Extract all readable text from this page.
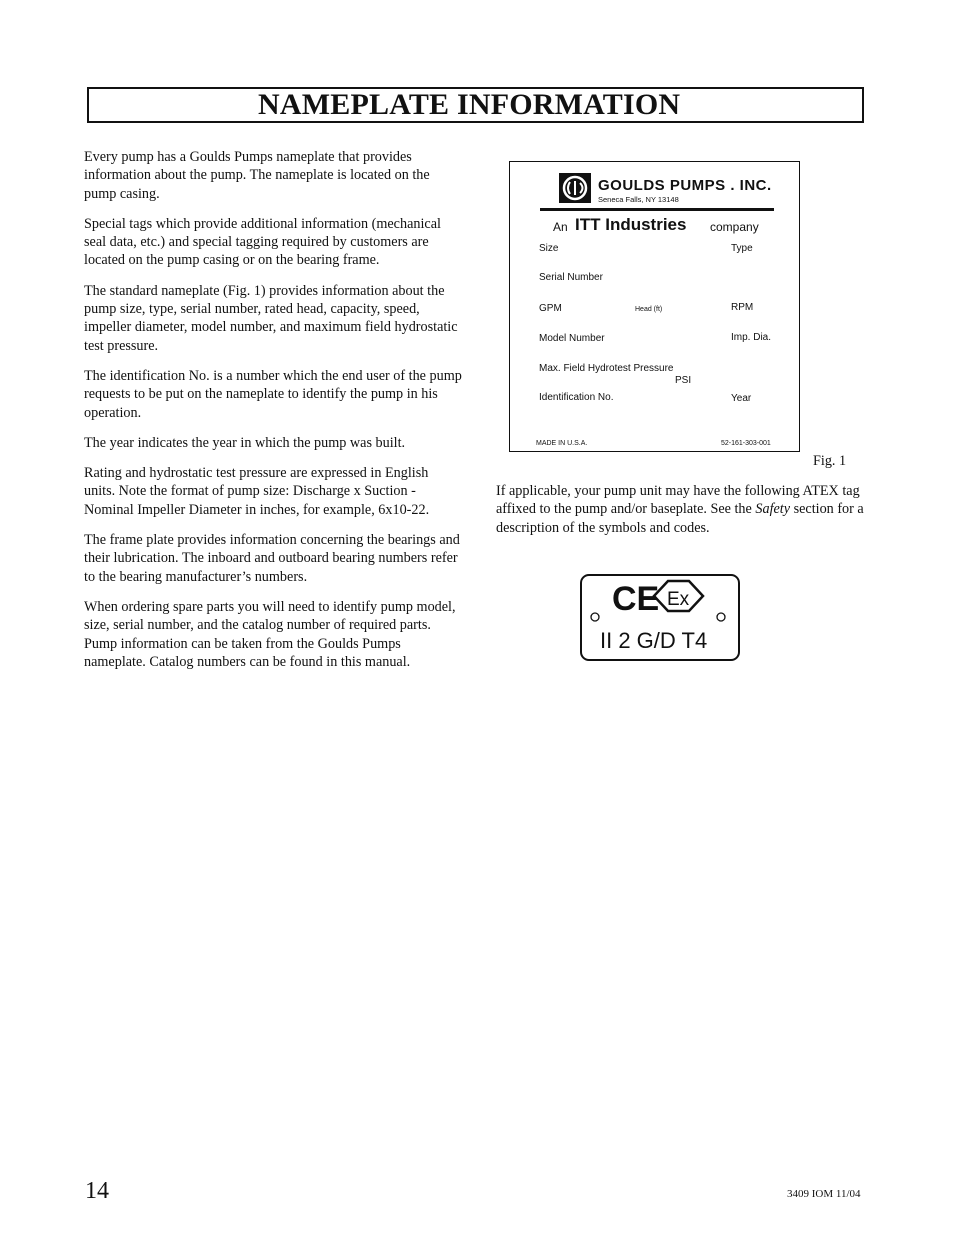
NAMEPLATE INFORMATION

Every pump has a Goulds Pumps nameplate that provides information about the pump. The nameplate is located on the pump casing.

Special tags which provide additional information (mechanical seal data, etc.) and special tagging required by customers are located on the pump casing or on the bearing frame.

The standard nameplate (Fig. 1) provides information about the pump size, type, serial number, rated head, capacity, speed, impeller diameter, model number, and maximum field hydrostatic test pressure.

The identification No. is a number which the end user of the pump requests to be put on the nameplate to identify the pump in his operation.

The year indicates the year in which the pump was built.

Rating and hydrostatic test pressure are expressed in English units. Note the format of pump size: Discharge x Suction - Nominal Impeller Diameter in inches, for example, 6x10-22.

The frame plate provides information concerning the bearings and their lubrication. The inboard and outboard bearing numbers refer to the bearing manufacturer’s numbers.

When ordering spare parts you will need to identify pump model, size, serial number, and the catalog number of required parts. Pump information can be taken from the Goulds Pumps nameplate. Catalog numbers can be found in this manual.

GOULDS PUMPS . INC.
Seneca Falls, NY 13148
An ITT Industries company
Size	Type
Serial Number
GPM	Head (ft)	RPM
Model Number	Imp. Dia.
Max. Field Hydrotest Pressure
PSI
Identification No.	Year
MADE IN U.S.A.	52-161-303-001
Fig. 1

If applicable, your pump unit may have the following ATEX tag affixed to the pump and/or baseplate. See the Safety section for a description of the symbols and codes.

CE Ex
II 2 G/D T4
14	3409 IOM 11/04
